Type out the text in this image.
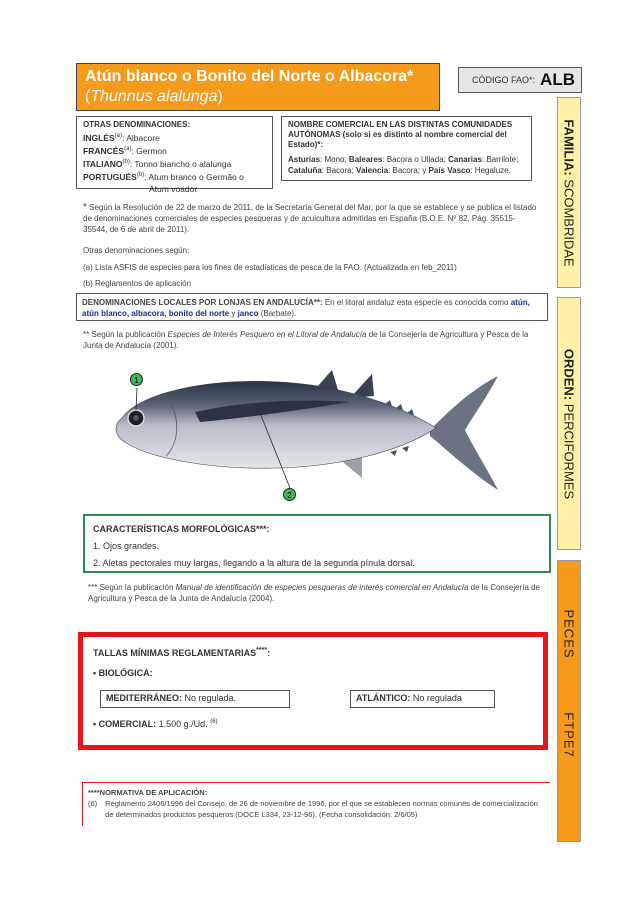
Atún blanco o Bonito del Norte o Albacora*
(Thunnus alalunga)
CÓDIGO FAO*: ALB
OTRAS DENOMINACIONES:
INGLÉS$^{(a)}$: Albacore
FRANCÉS$^{(a)}$: Germon
ITALIANO$^{(b)}$: Tonno biancho o alalunga
PORTUGUÉS$^{(b)}$: Atum branco o Germão o
Atum voador
NOMBRE COMERCIAL EN LAS DISTINTAS COMUNIDADES AUTÓNOMAS (solo si es distinto al nombre comercial del Estado)*:
Asturias: Mono; Baleares: Bacora o Ullada; Canarias: Barrilote; Cataluña: Bacora; Valencia: Bacora; y País Vasco: Hegaluze.
* Según la Resolución de 22 de marzo de 2011, de la Secretaría General del Mar, por la que se establece y se publica el listado de denominaciones comerciales de especies pesqueras y de acuicultura admitidas en España (B.O.E. Nº 82, Pág. 35515-35544, de 6 de abril de 2011).
Otras denominaciones según:
(a) Lista ASFIS de especies para los fines de estadísticas de pesca de la FAO. (Actualizada en feb_2011)
(b) Reglamentos de aplicación
DENOMINACIONES LOCALES POR LONJAS EN ANDALUCÍA**: En el litoral andaluz esta especie es conocida como atún, atún blanco, albacora, bonito del norte y janco (Barbate).
** Según la publicación Especies de Interés Pesquero en el Litoral de Andalucía de la Consejería de Agricultura y Pesca de la Junta de Andalucía (2001).
1
2
CARACTERÍSTICAS MORFOLÓGICAS***:
1. Ojos grandes.
2. Aletas pectorales muy largas, llegando a la altura de la segunda pínula dorsal.
*** Según la publicación Manual de identificación de especies pesqueras de interés comercial en Andalucía de la Consejería de Agricultura y Pesca de la Junta de Andalucía (2004).
TALLAS MÍNIMAS REGLAMENTARIAS****:
• BIOLÓGICA:
MEDITERRÁNEO: No regulada.	ATLÁNTICO: No regulada
• COMERCIAL: 1.500 g./Ud. $^{(6)}$
****NORMATIVA DE APLICACIÓN:
(6) Reglamento 2406/1996 del Consejo, de 26 de noviembre de 1996, por el que se establecen normas comunes de comercialización de determinados productos pesqueros (DOCE L334, 23-12-96). (Fecha consolidación: 2/6/05)
FAMILIA: SCOMBRIDAE
ORDEN: PERCIFORMES
PECES
FTPE7
